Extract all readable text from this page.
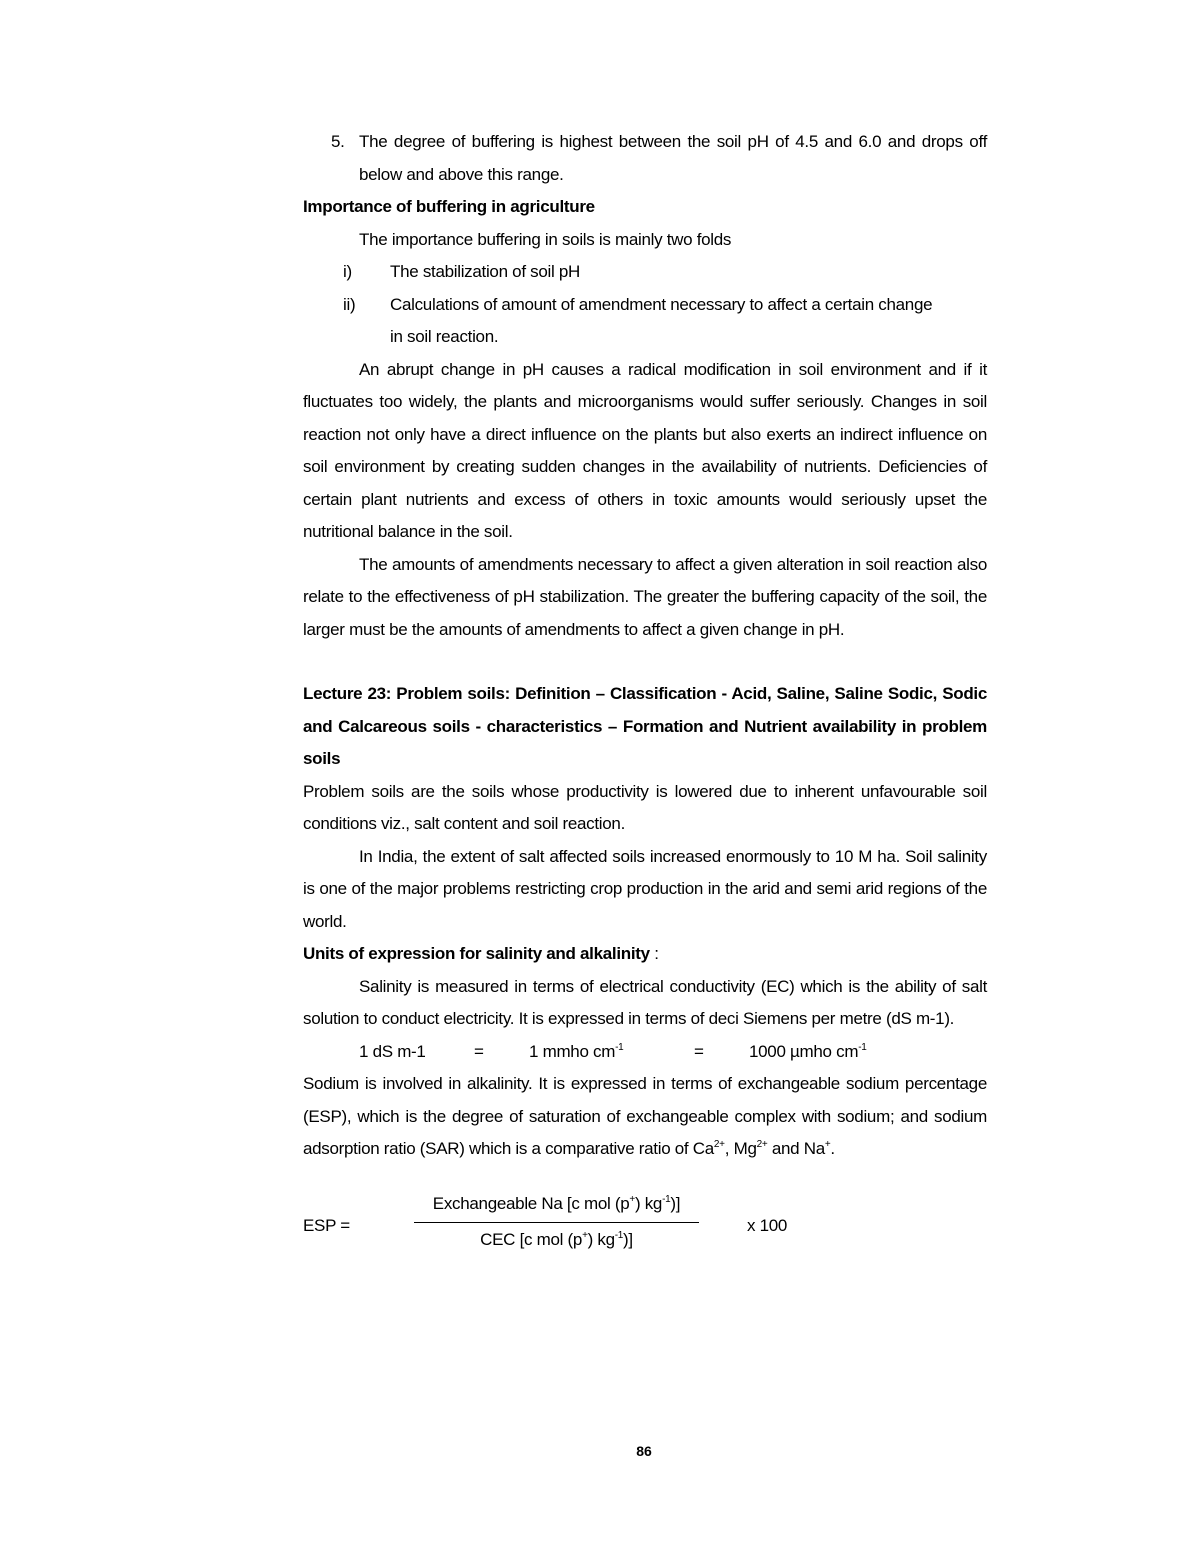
5. The degree of buffering is highest between the soil pH of 4.5 and 6.0 and drops off below and above this range.
Importance of buffering in agriculture
The importance buffering in soils is mainly two folds
i)	The stabilization of soil pH
ii)	Calculations of amount of amendment necessary to affect a certain change in soil reaction.
An abrupt change in pH causes a radical modification in soil environment and if it fluctuates too widely, the plants and microorganisms would suffer seriously. Changes in soil reaction not only have a direct influence on the plants but also exerts an indirect influence on soil environment by creating sudden changes in the availability of nutrients. Deficiencies of certain plant nutrients and excess of others in toxic amounts would seriously upset the nutritional balance in the soil.
The amounts of amendments necessary to affect a given alteration in soil reaction also relate to the effectiveness of pH stabilization. The greater the buffering capacity of the soil, the larger must be the amounts of amendments to affect a given change in pH.
Lecture 23: Problem soils: Definition – Classification - Acid, Saline, Saline Sodic, Sodic and Calcareous soils - characteristics – Formation and Nutrient availability in problem soils
Problem soils are the soils whose productivity is lowered due to inherent unfavourable soil conditions viz., salt content and soil reaction.
In India, the extent of salt affected soils increased enormously to 10 M ha. Soil salinity is one of the major problems restricting crop production in the arid and semi arid regions of the world.
Units of expression for salinity and alkalinity :
Salinity is measured in terms of electrical conductivity (EC) which is the ability of salt solution to conduct electricity. It is expressed in terms of deci Siemens per metre (dS m-1).
1 dS m-1	=	1 mmho $cm^{-1}$	=	1000 µmho $cm^{-1}$
Sodium is involved in alkalinity. It is expressed in terms of exchangeable sodium percentage (ESP), which is the degree of saturation of exchangeable complex with sodium; and sodium adsorption ratio (SAR) which is a comparative ratio of $Ca^{2+}$, $Mg^{2+}$ and Na+.
ESP =
Exchangeable Na [c mol (p+) $kg^{-1}$)]
CEC [c mol (p+) $kg^{-1}$)]
x 100
86
